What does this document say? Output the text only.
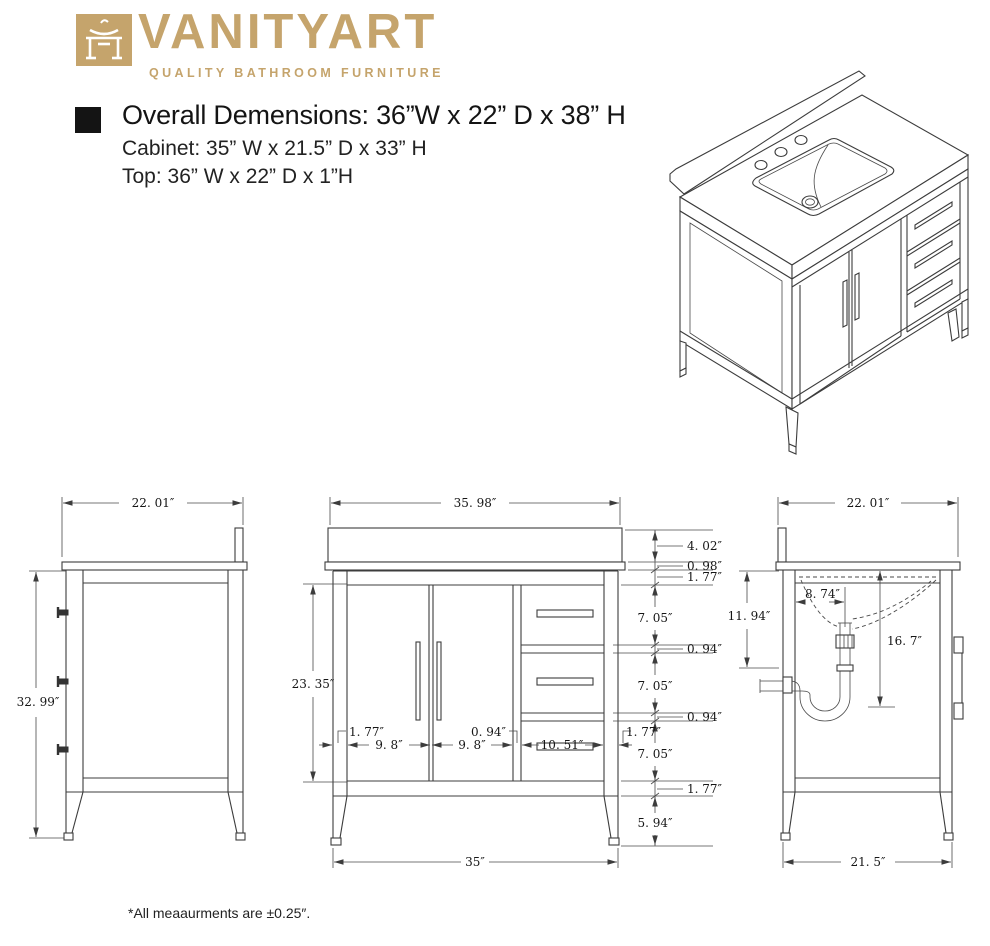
VANITYART
QUALITY BATHROOM FURNITURE
Overall Demensions: 36”W x 22” D x 38” H

Cabinet: 35” W x 21.5” D x 33” H

Top: 36” W x 22” D x 1”H

22. 01″
32. 99″
35. 98″
23. 35″
4. 02″
0. 98″
1. 77″
7. 05″
0. 94″
7. 05″
0. 94″
7. 05″
1. 77″
5. 94″
1. 77″
9. 8″	9. 8″
0. 94″
10. 51″
1. 77″
35″
22. 01″
11. 94″
8. 74″
16. 7″
21. 5″

*All meaaurments are ±0.25″.
